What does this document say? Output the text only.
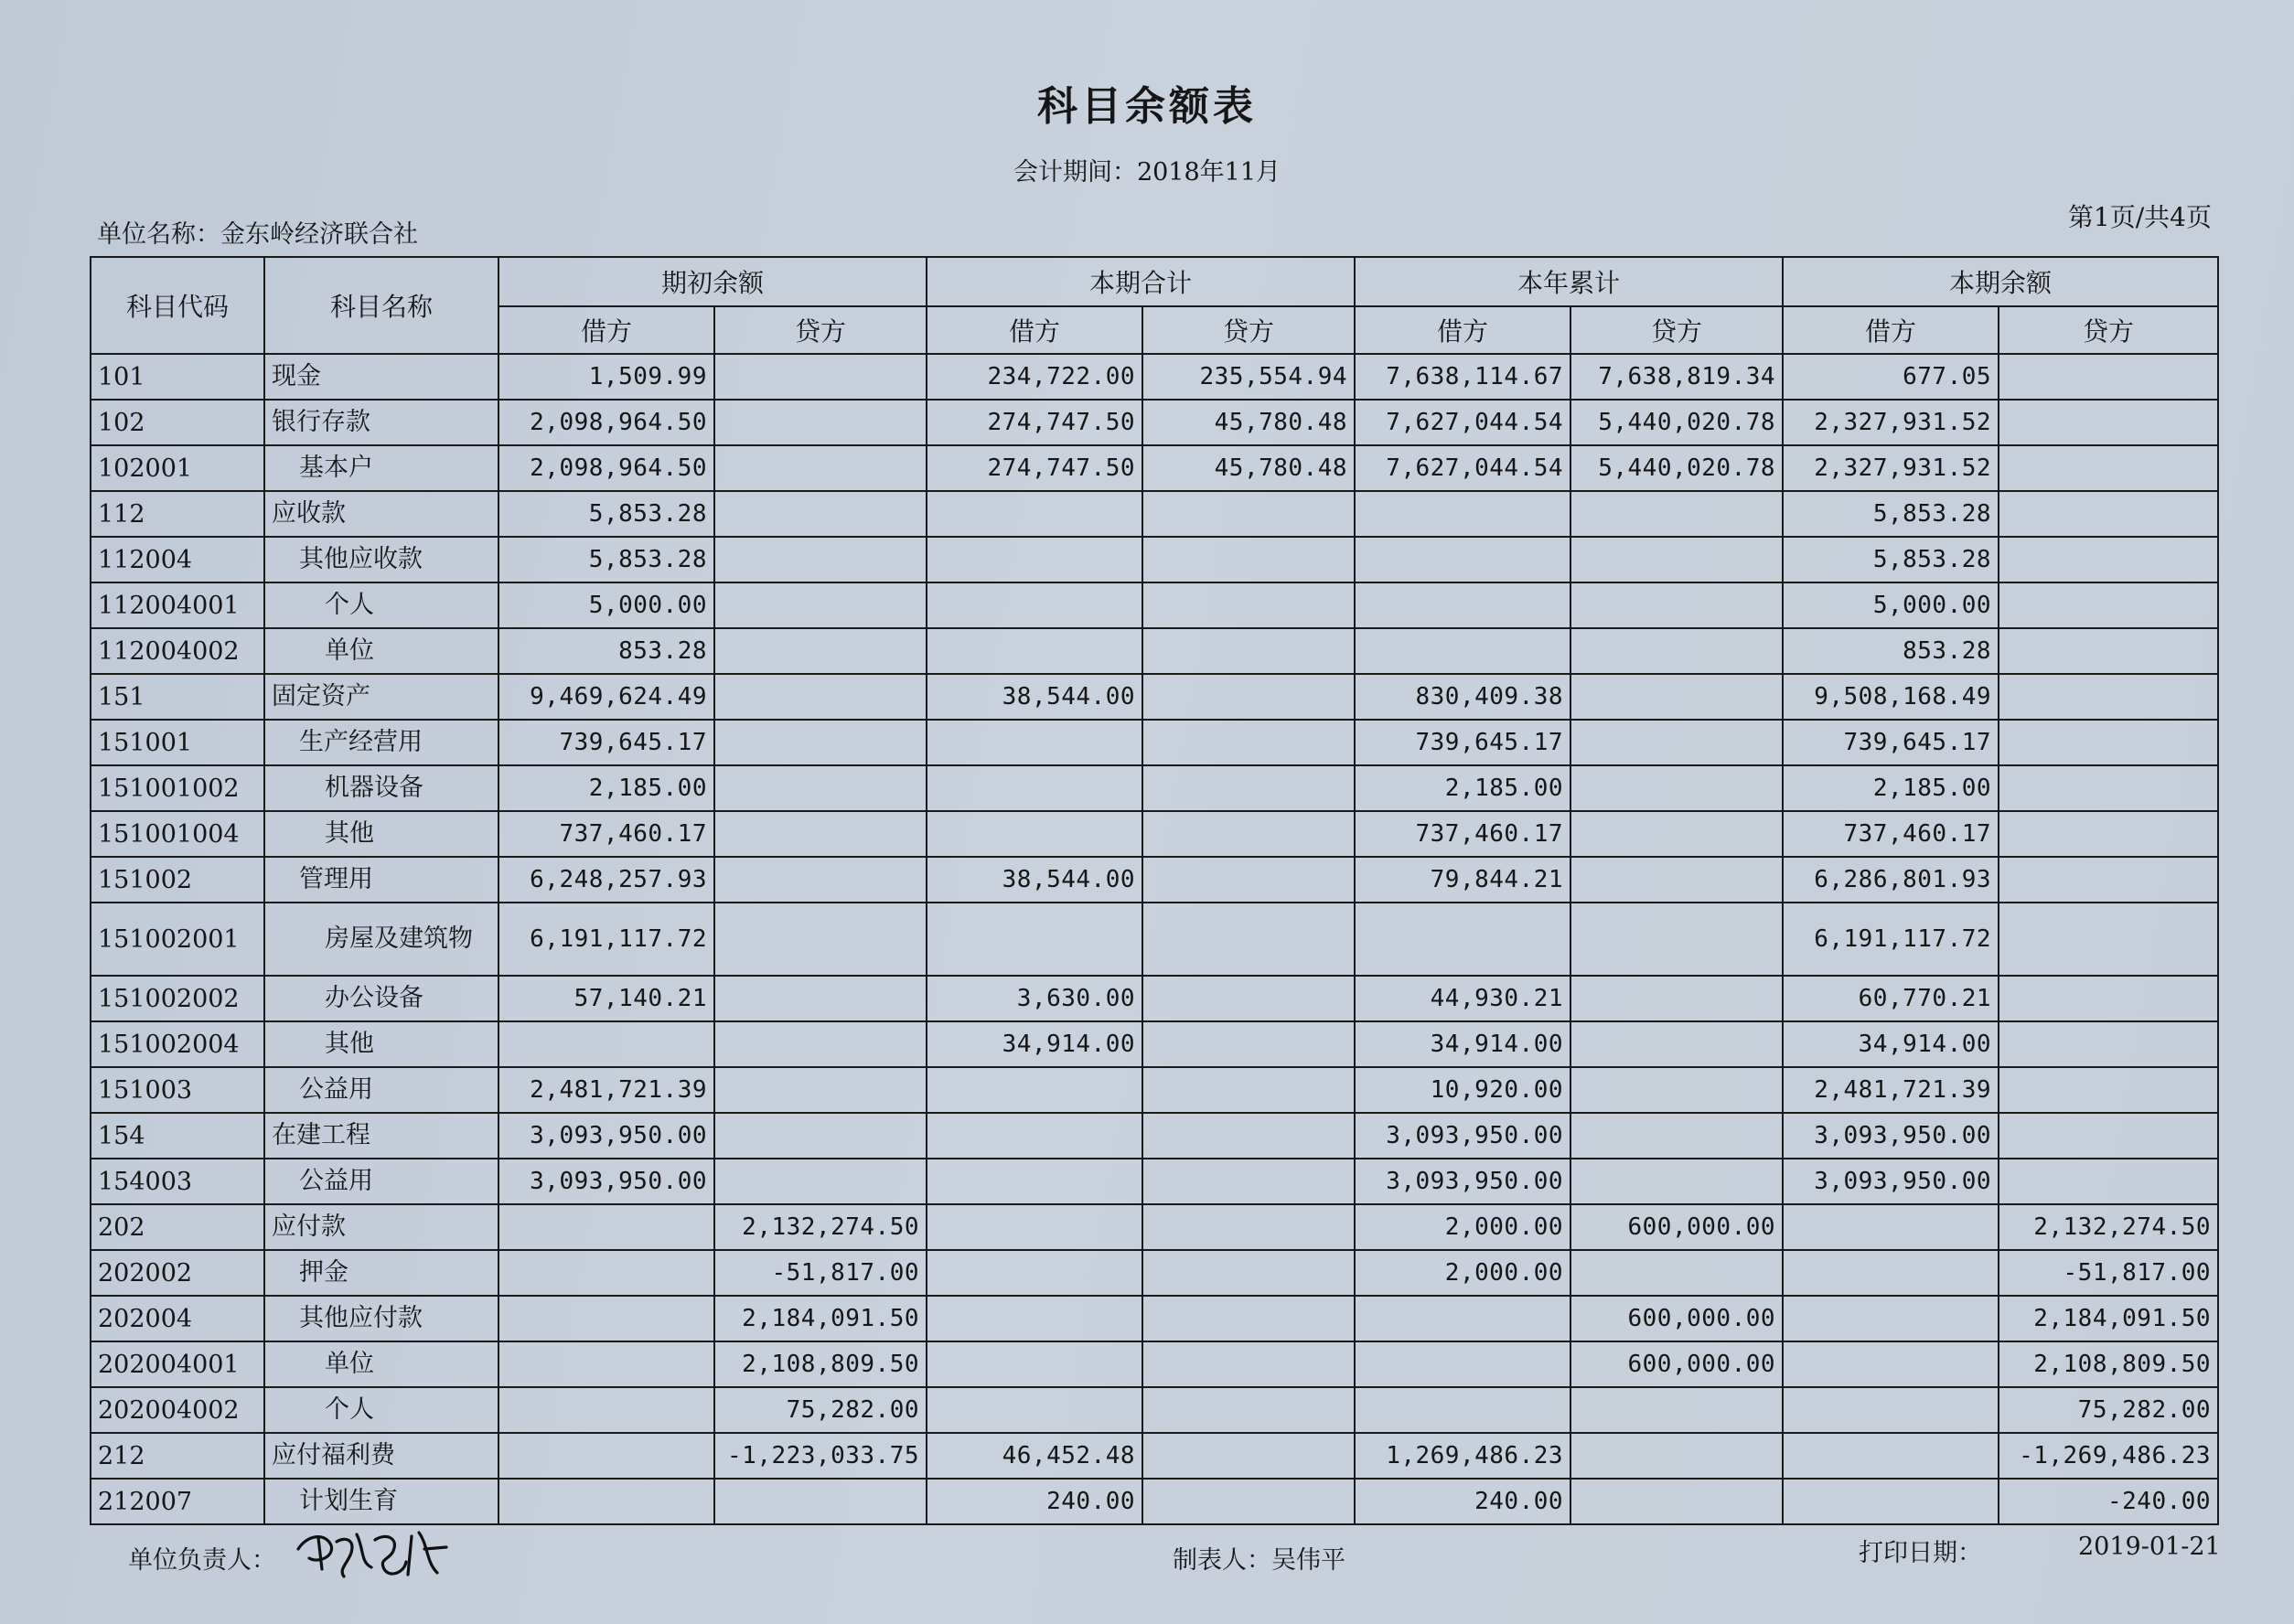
科目余额表
会计期间：2018年11月
单位名称：金东岭经济联合社
第1页/共4页
科目代码	科目名称	期初余额		本期合计		本年累计		本期余额	
		借方	贷方	借方	贷方	借方	贷方	借方	贷方
101	现金	1,509.99		234,722.00	235,554.94	7,638,114.67	7,638,819.34	677.05	
102	银行存款	2,098,964.50		274,747.50	45,780.48	7,627,044.54	5,440,020.78	2,327,931.52	
102001	基本户	2,098,964.50		274,747.50	45,780.48	7,627,044.54	5,440,020.78	2,327,931.52	
112	应收款	5,853.28						5,853.28	
112004	其他应收款	5,853.28						5,853.28	
112004001	个人	5,000.00						5,000.00	
112004002	单位	853.28						853.28	
151	固定资产	9,469,624.49		38,544.00		830,409.38		9,508,168.49	
151001	生产经营用	739,645.17				739,645.17		739,645.17	
151001002	机器设备	2,185.00				2,185.00		2,185.00	
151001004	其他	737,460.17				737,460.17		737,460.17	
151002	管理用	6,248,257.93		38,544.00		79,844.21		6,286,801.93	
151002001	房屋及建筑物	6,191,117.72						6,191,117.72	
151002002	办公设备	57,140.21		3,630.00		44,930.21		60,770.21	
151002004	其他			34,914.00		34,914.00		34,914.00	
151003	公益用	2,481,721.39				10,920.00		2,481,721.39	
154	在建工程	3,093,950.00				3,093,950.00		3,093,950.00	
154003	公益用	3,093,950.00				3,093,950.00		3,093,950.00	
202	应付款		2,132,274.50			2,000.00	600,000.00		2,132,274.50
202002	押金		-51,817.00			2,000.00			-51,817.00
202004	其他应付款		2,184,091.50				600,000.00		2,184,091.50
202004001	单位		2,108,809.50				600,000.00		2,108,809.50
202004002	个人		75,282.00						75,282.00
212	应付福利费		-1,223,033.75	46,452.48		1,269,486.23			-1,269,486.23
212007	计划生育			240.00		240.00			-240.00
单位负责人：	制表人：吴伟平	打印日期：	2019-01-21
